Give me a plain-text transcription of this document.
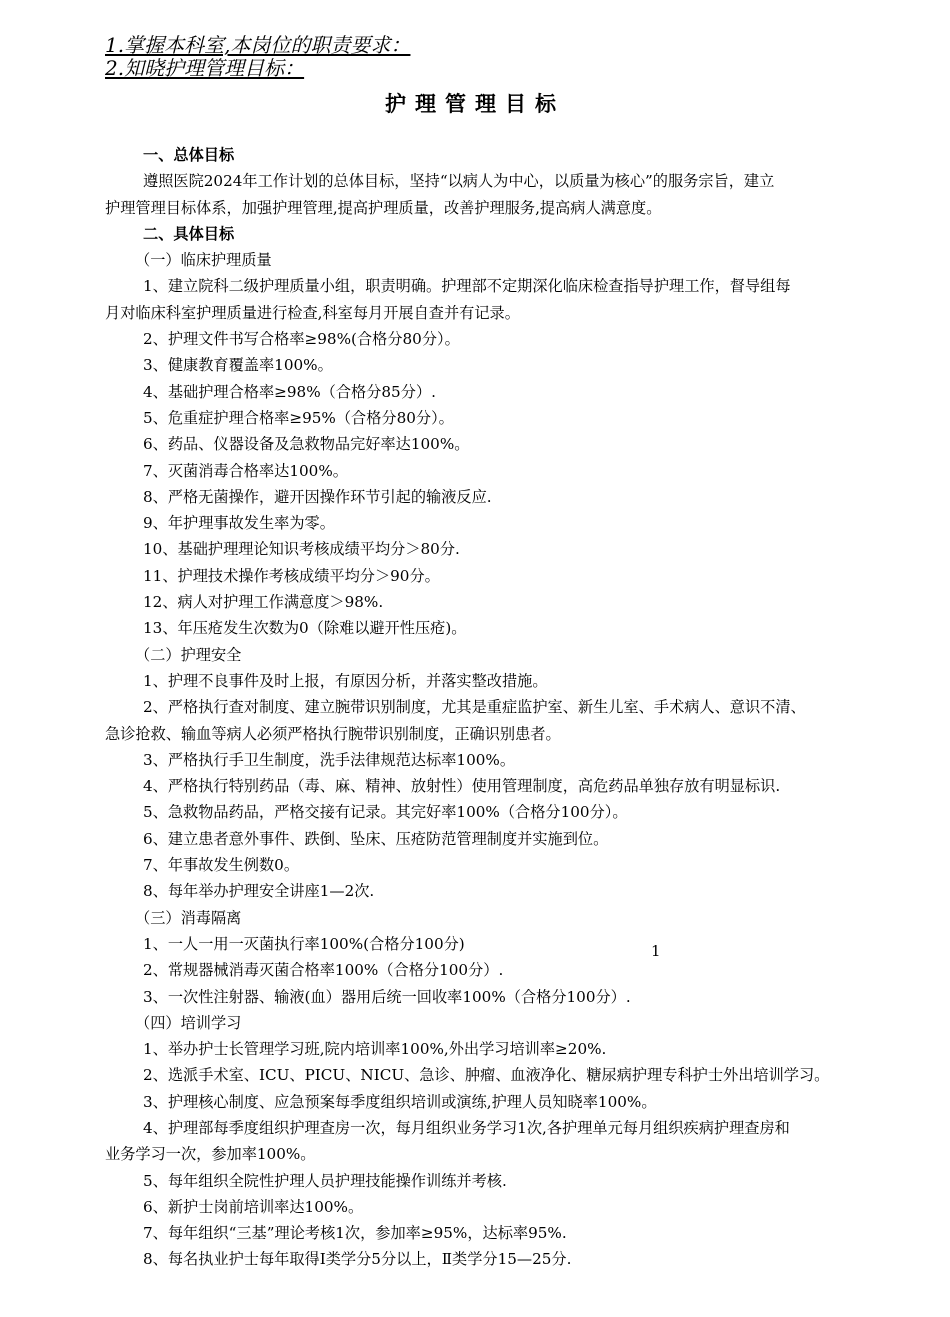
1.掌握本科室,本岗位的职责要求：
2.知晓护理管理目标：
护理管理目标
一、总体目标
遵照医院2024年工作计划的总体目标，坚持“以病人为中心，以质量为核心”的服务宗旨，建立
护理管理目标体系，加强护理管理,提高护理质量，改善护理服务,提高病人满意度。
二、具体目标
（一）临床护理质量
1、建立院科二级护理质量小组，职责明确。护理部不定期深化临床检查指导护理工作，督导组每
月对临床科室护理质量进行检查,科室每月开展自查并有记录。
2、护理文件书写合格率≥98%(合格分80分）。
3、健康教育覆盖率100%。
4、基础护理合格率≥98%（合格分85分）.
5、危重症护理合格率≥95%（合格分80分）。
6、药品、仪器设备及急救物品完好率达100%。
7、灭菌消毒合格率达100%。
8、严格无菌操作，避开因操作环节引起的输液反应.
9、年护理事故发生率为零。
10、基础护理理论知识考核成绩平均分＞80分.
11、护理技术操作考核成绩平均分＞90分。
12、病人对护理工作满意度＞98%.
13、年压疮发生次数为0（除难以避开性压疮)。
（二）护理安全
1、护理不良事件及时上报，有原因分析，并落实整改措施。
2、严格执行查对制度、建立腕带识别制度，尤其是重症监护室、新生儿室、手术病人、意识不清、
急诊抢救、输血等病人必须严格执行腕带识别制度，正确识别患者。
3、严格执行手卫生制度，洗手法律规范达标率100%。
4、严格执行特别药品（毒、麻、精神、放射性）使用管理制度，高危药品单独存放有明显标识.
5、急救物品药品，严格交接有记录。其完好率100%（合格分100分）。
6、建立患者意外事件、跌倒、坠床、压疮防范管理制度并实施到位。
7、年事故发生例数0。
8、每年举办护理安全讲座1—2次.
（三）消毒隔离
1、一人一用一灭菌执行率100%(合格分100分)
2、常规器械消毒灭菌合格率100%（合格分100分）.
3、一次性注射器、输液(血）器用后统一回收率100%（合格分100分）.
（四）培训学习
1、举办护士长管理学习班,院内培训率100%,外出学习培训率≥20%.
2、选派手术室、ICU、PICU、NICU、急诊、肿瘤、血液净化、糖尿病护理专科护士外出培训学习。
3、护理核心制度、应急预案每季度组织培训或演练,护理人员知晓率100%。
4、护理部每季度组织护理查房一次，每月组织业务学习1次,各护理单元每月组织疾病护理查房和
业务学习一次，参加率100%。
5、每年组织全院性护理人员护理技能操作训练并考核.
6、新护士岗前培训率达100%。
7、每年组织“三基”理论考核1次，参加率≥95%，达标率95%.
8、每名执业护士每年取得Ⅰ类学分5分以上，Ⅱ类学分15—25分.
1
